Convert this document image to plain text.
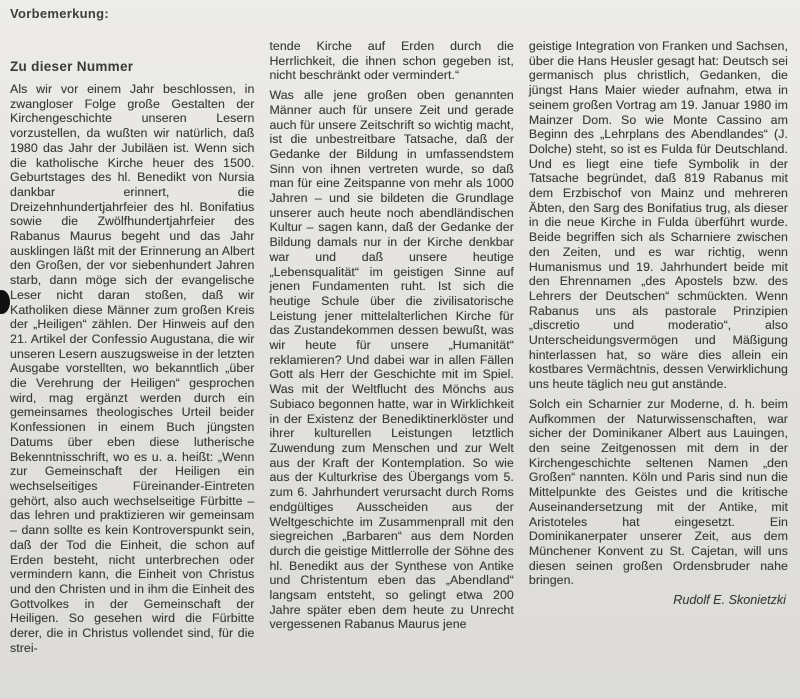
Vorbemerkung:
Zu dieser Nummer

Als wir vor einem Jahr beschlossen, in zwangloser Folge große Gestalten der Kirchengeschichte unseren Lesern vorzustellen, da wußten wir natürlich, daß 1980 das Jahr der Jubiläen ist. Wenn sich die katholische Kirche heuer des 1500. Geburtstages des hl. Benedikt von Nursia dankbar erinnert, die Dreizehnhundertjahrfeier des hl. Bonifatius sowie die Zwölfhundertjahrfeier des Rabanus Maurus begeht und das Jahr ausklingen läßt mit der Erinnerung an Albert den Großen, der vor siebenhundert Jahren starb, dann möge sich der evangelische Leser nicht daran stoßen, daß wir Katholiken diese Männer zum großen Kreis der „Heiligen“ zählen. Der Hinweis auf den 21. Artikel der Confessio Augustana, die wir unseren Lesern auszugsweise in der letzten Ausgabe vorstellten, wo bekanntlich „über die Verehrung der Heiligen“ gesprochen wird, mag ergänzt werden durch ein gemeinsames theologisches Urteil beider Konfessionen in einem Buch jüngsten Datums über eben diese lutherische Bekenntnisschrift, wo es u. a. heißt: „Wenn zur Gemeinschaft der Heiligen ein wechselseitiges Füreinander-Eintreten gehört, also auch wechselseitige Fürbitte – das lehren und praktizieren wir gemeinsam – dann sollte es kein Kontroverspunkt sein, daß der Tod die Einheit, die schon auf Erden besteht, nicht unterbrechen oder vermindern kann, die Einheit von Christus und den Christen und in ihm die Einheit des Gottvolkes in der Gemeinschaft der Heiligen. So gesehen wird die Fürbitte derer, die in Christus vollendet sind, für die strei-

tende Kirche auf Erden durch die Herrlichkeit, die ihnen schon gegeben ist, nicht beschränkt oder vermindert.“

Was alle jene großen oben genannten Männer auch für unsere Zeit und gerade auch für unsere Zeitschrift so wichtig macht, ist die unbestreitbare Tatsache, daß der Gedanke der Bildung in umfassendstem Sinn von ihnen vertreten wurde, so daß man für eine Zeitspanne von mehr als 1000 Jahren – und sie bildeten die Grundlage unserer auch heute noch abendländischen Kultur – sagen kann, daß der Gedanke der Bildung damals nur in der Kirche denkbar war und daß unsere heutige „Lebensqualität“ im geistigen Sinne auf jenen Fundamenten ruht. Ist sich die heutige Schule über die zivilisatorische Leistung jener mittelalterlichen Kirche für das Zustandekommen dessen bewußt, was wir heute für unsere „Humanität“ reklamieren? Und dabei war in allen Fällen Gott als Herr der Geschichte mit im Spiel. Was mit der Weltflucht des Mönchs aus Subiaco begonnen hatte, war in Wirklichkeit in der Existenz der Benediktinerklöster und ihrer kulturellen Leistungen letztlich Zuwendung zum Menschen und zur Welt aus der Kraft der Kontemplation. So wie aus der Kulturkrise des Übergangs vom 5. zum 6. Jahrhundert verursacht durch Roms endgültiges Ausscheiden aus der Weltgeschichte im Zusammenprall mit den siegreichen „Barbaren“ aus dem Norden durch die geistige Mittlerrolle der Söhne des hl. Benedikt aus der Synthese von Antike und Christentum eben das „Abendland“ langsam entsteht, so gelingt etwa 200 Jahre später eben dem heute zu Unrecht vergessenen Rabanus Maurus jene

geistige Integration von Franken und Sachsen, über die Hans Heusler gesagt hat: Deutsch sei germanisch plus christlich, Gedanken, die jüngst Hans Maier wieder aufnahm, etwa in seinem großen Vortrag am 19. Januar 1980 im Mainzer Dom. So wie Monte Cassino am Beginn des „Lehrplans des Abendlandes“ (J. Dolche) steht, so ist es Fulda für Deutschland. Und es liegt eine tiefe Symbolik in der Tatsache begründet, daß 819 Rabanus mit dem Erzbischof von Mainz und mehreren Äbten, den Sarg des Bonifatius trug, als dieser in die neue Kirche in Fulda überführt wurde. Beide begriffen sich als Scharniere zwischen den Zeiten, und es war richtig, wenn Humanismus und 19. Jahrhundert beide mit den Ehrennamen „des Apostels bzw. des Lehrers der Deutschen“ schmückten. Wenn Rabanus uns als pastorale Prinzipien „discretio und moderatio“, also Unterscheidungsvermögen und Mäßigung hinterlassen hat, so wäre dies allein ein kostbares Vermächtnis, dessen Verwirklichung uns heute täglich neu gut anstände.

Solch ein Scharnier zur Moderne, d. h. beim Aufkommen der Naturwissenschaften, war sicher der Dominikaner Albert aus Lauingen, den seine Zeitgenossen mit dem in der Kirchengeschichte seltenen Namen „den Großen“ nannten. Köln und Paris sind nun die Mittelpunkte des Geistes und die kritische Auseinandersetzung mit der Antike, mit Aristoteles hat eingesetzt. Ein Dominikanerpater unserer Zeit, aus dem Münchener Konvent zu St. Cajetan, will uns diesen seinen großen Ordensbruder nahe bringen.

Rudolf E. Skonietzki
